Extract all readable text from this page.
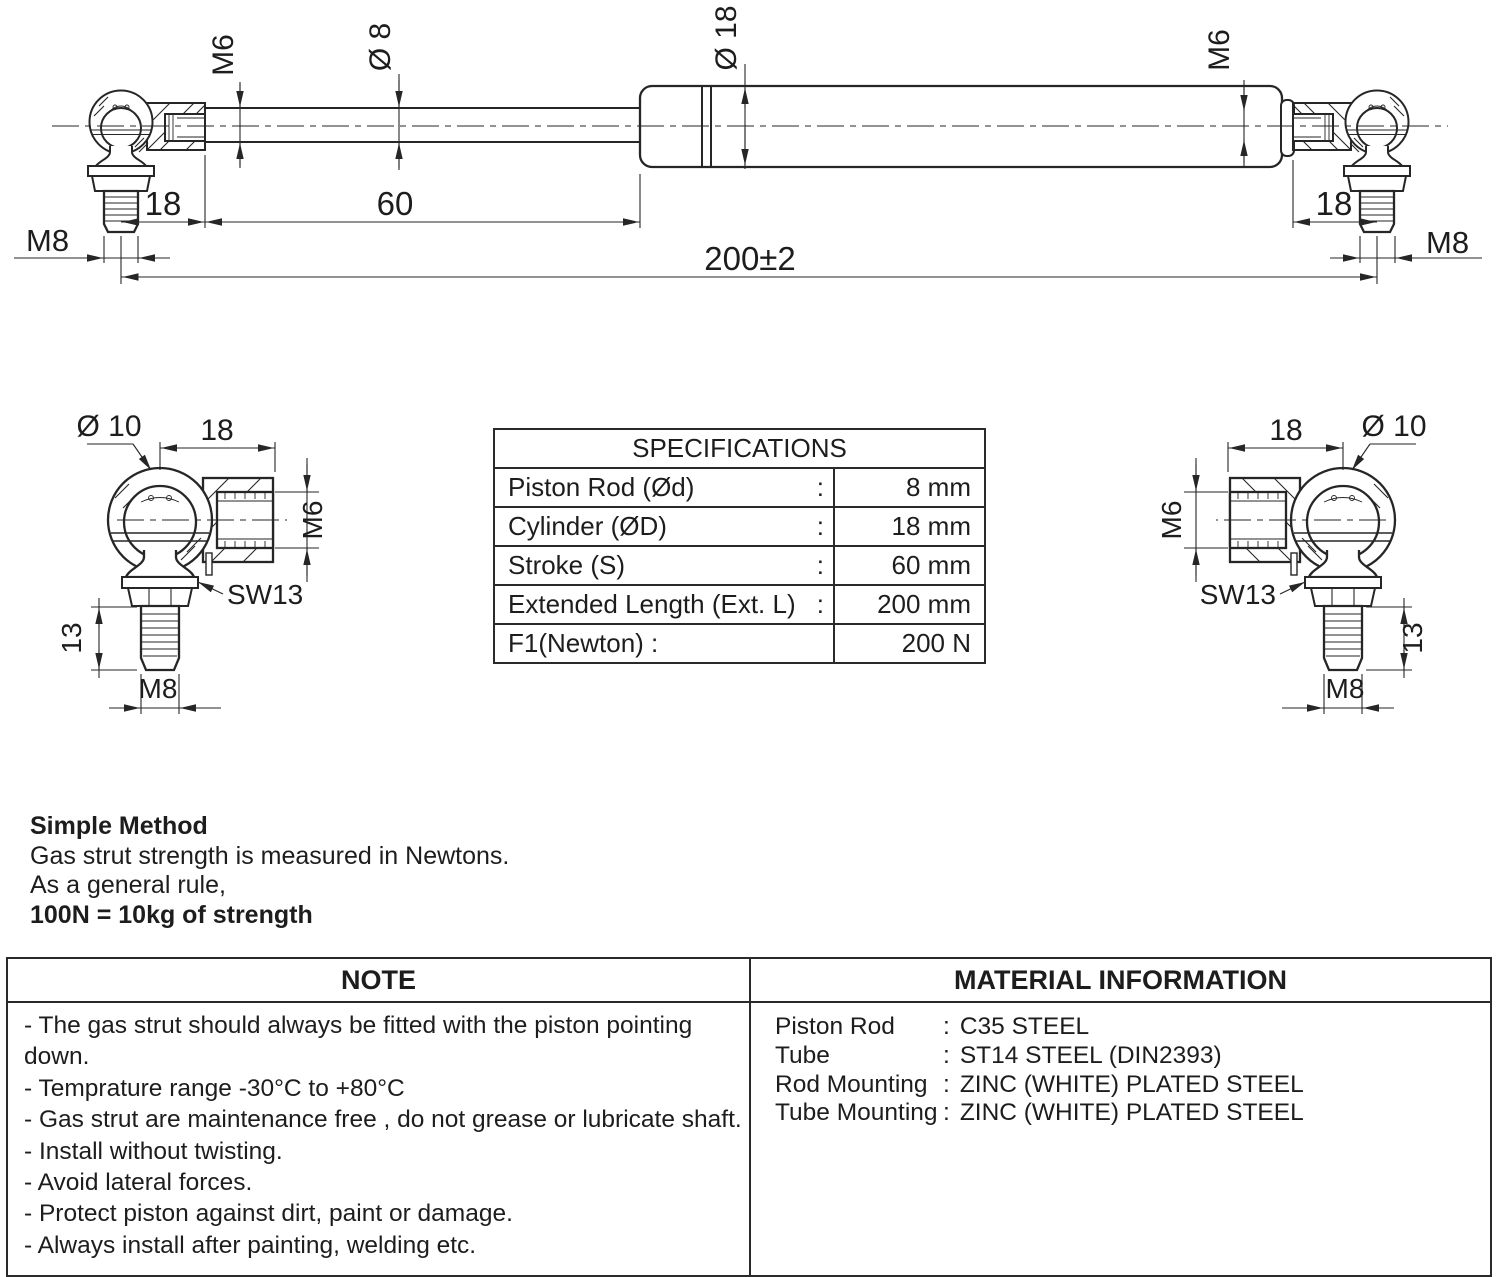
M6	Ø 8	Ø 18	M6
18	60
M8
18
M8
200±2
Ø 10 18
M6
SW13
13
M8
Ø 10
18
M6
SW13
13
M8
SPECIFICATIONS
Piston Rod (Ød)	:	8 mm
Cylinder (ØD)	:	18 mm
Stroke (S)	:	60 mm
Extended Length (Ext. L) :	200 mm
F1(Newton) :	200 N
Simple Method
Gas strut strength is measured in Newtons.
As a general rule,
100N = 10kg of strength
NOTE	MATERIAL INFORMATION
- The gas strut should always be fitted with the piston pointing down.
- Temprature range -30°C to +80°C
- Gas strut are maintenance free , do not grease or lubricate shaft.
- Install without twisting.
- Avoid lateral forces.
- Protect piston against dirt, paint or damage.
- Always install after painting, welding etc.
Piston Rod	: C35 STEEL
Tube	: ST14 STEEL (DIN2393)
Rod Mounting : ZINC (WHITE) PLATED STEEL
Tube Mounting : ZINC (WHITE) PLATED STEEL
